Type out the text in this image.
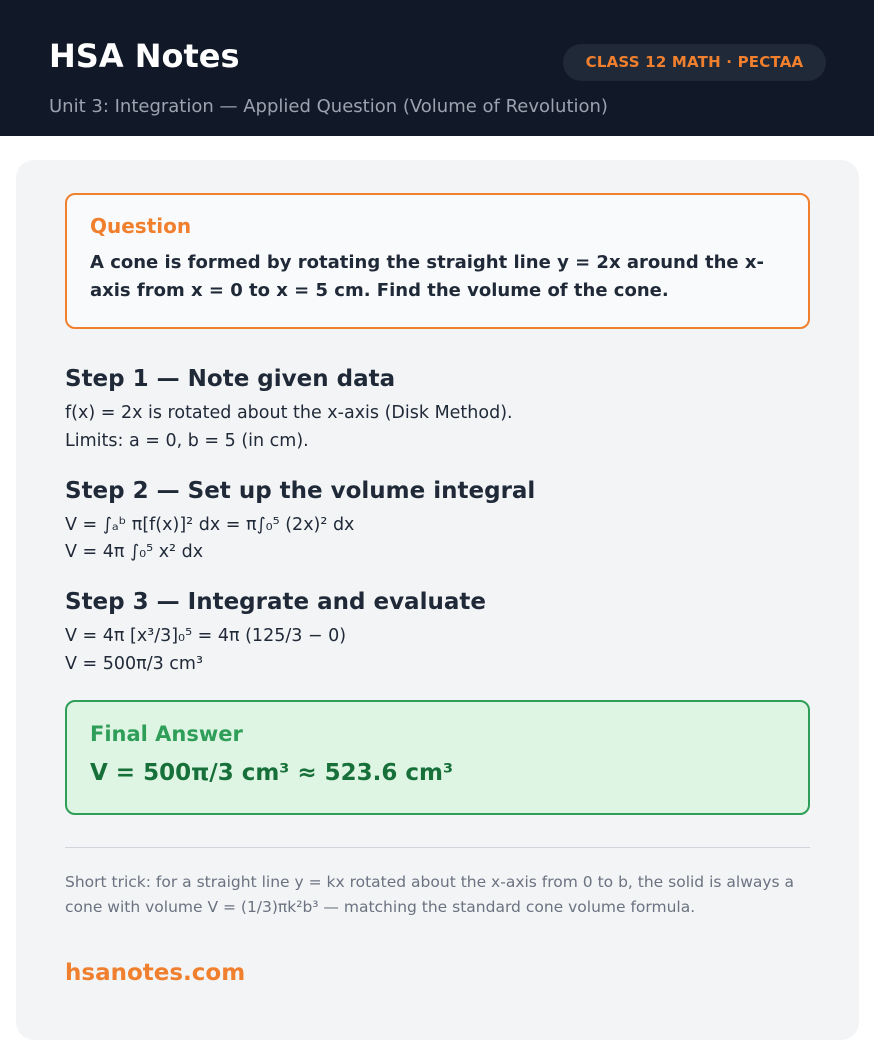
HSA Notes	CLASS 12 MATH · PECTAA
Unit 3: Integration — Applied Question (Volume of Revolution)
Question
A cone is formed by rotating the straight line y = 2x around the x-axis from x = 0 to x = 5 cm. Find the volume of the cone.
Step 1 — Note given data
f(x) = 2x is rotated about the x-axis (Disk Method).
Limits: a = 0, b = 5 (in cm).
Step 2 — Set up the volume integral
V = ∫ₐᵇ π[f(x)]² dx = π∫₀⁵ (2x)² dx
V = 4π ∫₀⁵ x² dx
Step 3 — Integrate and evaluate
V = 4π [x³/3]₀⁵ = 4π (125/3 − 0)
V = 500π/3 cm³
Final Answer
V = 500π/3 cm³ ≈ 523.6 cm³
Short trick: for a straight line y = kx rotated about the x-axis from 0 to b, the solid is always a cone with volume V = (1/3)πk²b³ — matching the standard cone volume formula.
hsanotes.com
